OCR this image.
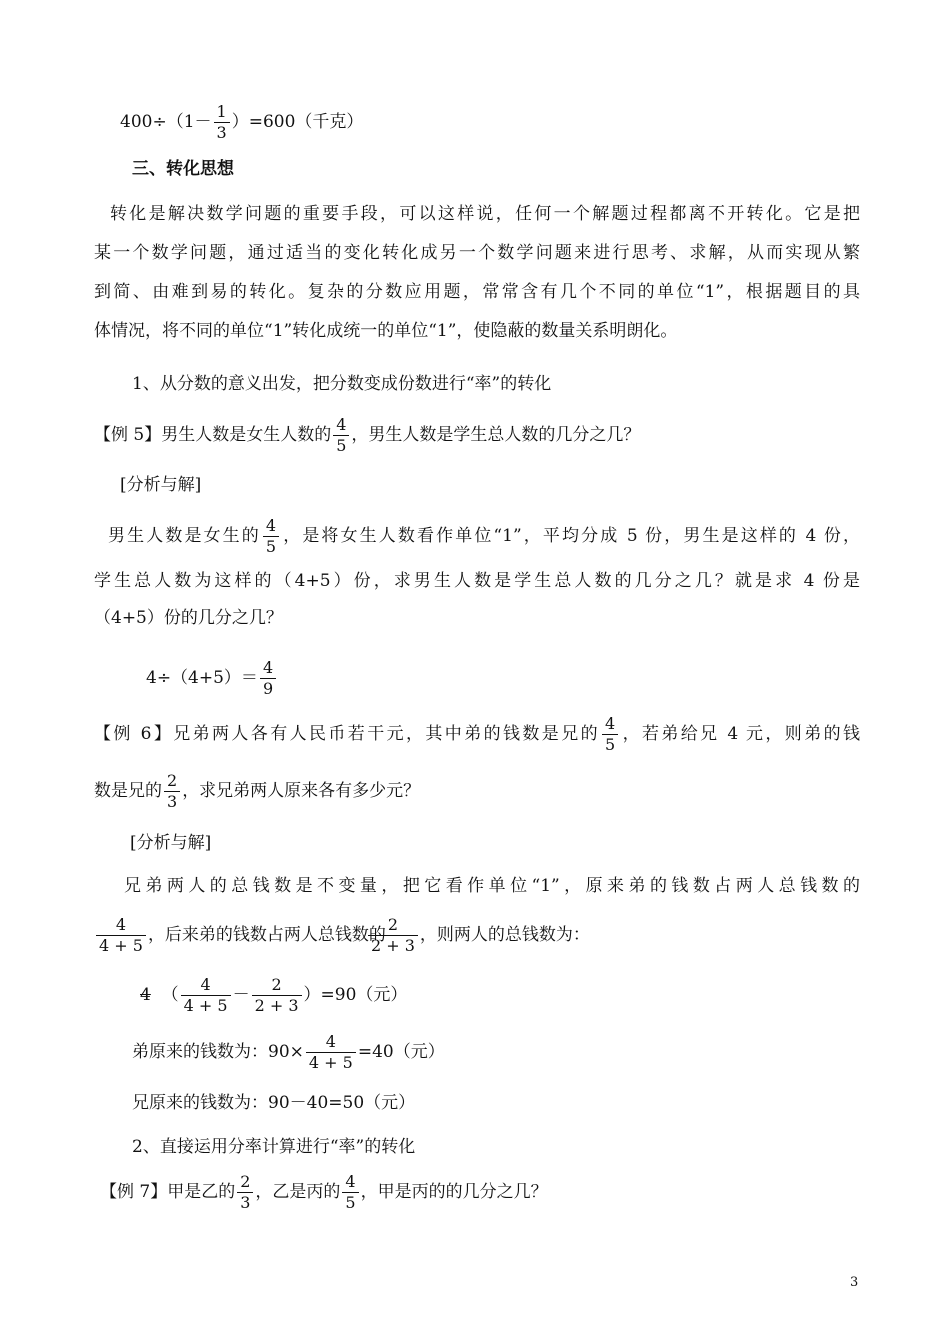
$400\div(1- \frac{1}{3} )=600$（千克）
三、转化思想
转化是解决数学问题的重要手段，可以这样说，任何一个解题过程都离不开转化。它是把
某一个数学问题，通过适当的变化转化成另一个数学问题来进行思考、求解，从而实现从繁
到简、由难到易的转化。复杂的分数应用题，常常含有几个不同的单位“1”，根据题目的具
体情况，将不同的单位“1”转化成统一的单位“1”，使隐蔽的数量关系明朗化。
1、从分数的意义出发，把分数变成份数进行“率”的转化
【例 5】男生人数是女生人数的 $\frac{4}{5}$ ，男生人数是学生总人数的几分之几？
[分析与解]
男生人数是女生的 $\frac{4}{5}$ ，是将女生人数看作单位“1”，平均分成 5 份，男生是这样的 4 份，
学生总人数为这样的（4+5）份，求男生人数是学生总人数的几分之几？就是求 4 份是
（4+5）份的几分之几？
$4\div(4+5)= \frac{4}{9}$
【例 6】兄弟两人各有人民币若干元，其中弟的钱数是兄的 $\frac{4}{5}$ ，若弟给兄 4 元，则弟的钱
数是兄的 $\frac{2}{3}$ ，求兄弟两人原来各有多少元？
[分析与解]
兄弟两人的总钱数是不变量，把它看作单位“1”，原来弟的钱数占两人总钱数的
$\frac{4}{4 + 5}$ ，后来弟的钱数占两人总钱数的
$\frac{2}{2 + 3}$ ，则两人的总钱数为：
4 （ $\frac{4}{4 + 5} - \frac{2}{2 + 3} )=90$（元）
弟原来的钱数为：$90\times \frac{4}{4 + 5} =40$（元）
兄原来的钱数为：90－40=50（元）
2、直接运用分率计算进行“率”的转化
【例 7】甲是乙的 $\frac{2}{3}$ ，乙是丙的 $\frac{4}{5}$ ，甲是丙的的几分之几？
3
